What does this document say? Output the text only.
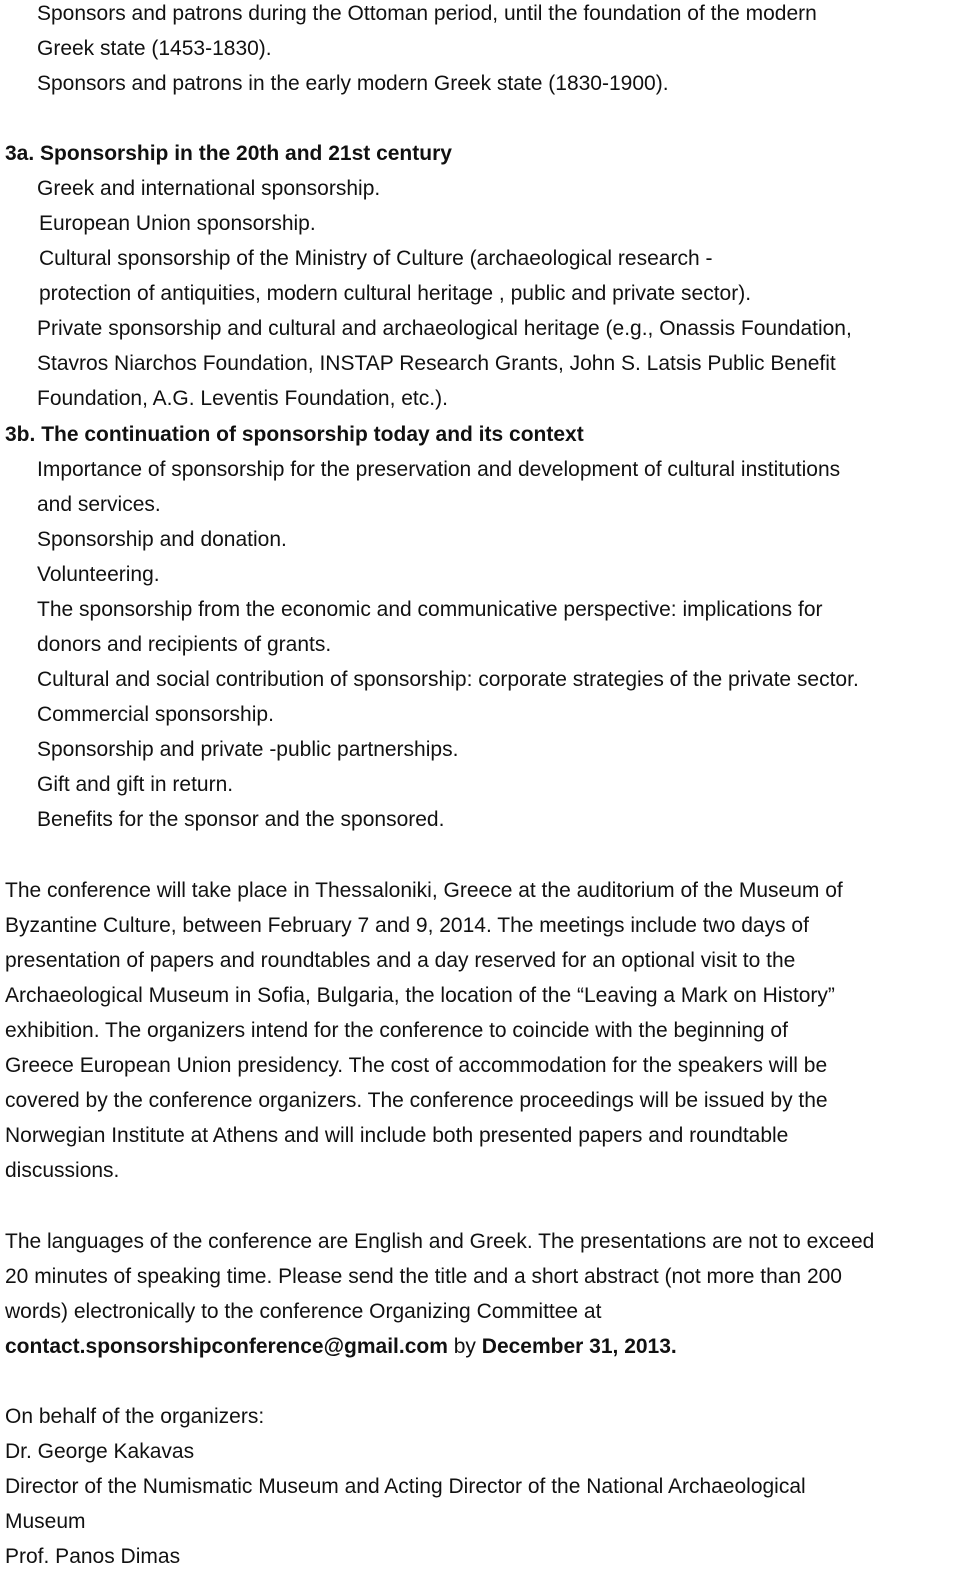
Sponsors and patrons during the Ottoman period, until the foundation of the modern
Greek state (1453-1830).
Sponsors and patrons in the early modern Greek state (1830-1900).
3a. Sponsorship in the 20th and 21st century
Greek and international sponsorship.
European Union sponsorship.
Cultural sponsorship of the Ministry of Culture (archaeological research -
protection of antiquities, modern cultural heritage , public and private sector).
Private sponsorship and cultural and archaeological heritage (e.g., Onassis Foundation,
Stavros Niarchos Foundation, INSTAP Research Grants, John S. Latsis Public Benefit
Foundation, A.G. Leventis Foundation, etc.).
3b. The continuation of sponsorship today and its context
Importance of sponsorship for the preservation and development of cultural institutions
and services.
Sponsorship and donation.
Volunteering.
The sponsorship from the economic and communicative perspective: implications for
donors and recipients of grants.
Cultural and social contribution of sponsorship: corporate strategies of the private sector.
Commercial sponsorship.
Sponsorship and private -public partnerships.
Gift and gift in return.
Benefits for the sponsor and the sponsored.
The conference will take place in Thessaloniki, Greece at the auditorium of the Museum of
Byzantine Culture, between February 7 and 9, 2014. The meetings include two days of
presentation of papers and roundtables and a day reserved for an optional visit to the
Archaeological Museum in Sofia, Bulgaria, the location of the “Leaving a Mark on History”
exhibition. The organizers intend for the conference to coincide with the beginning of
Greece European Union presidency. The cost of accommodation for the speakers will be
covered by the conference organizers. The conference proceedings will be issued by the
Norwegian Institute at Athens and will include both presented papers and roundtable
discussions.
The languages of the conference are English and Greek. The presentations are not to exceed
20 minutes of speaking time. Please send the title and a short abstract (not more than 200
words) electronically to the conference Organizing Committee at
contact.sponsorshipconference@gmail.com by December 31, 2013.
On behalf of the organizers:
Dr. George Kakavas
Director of the Numismatic Museum and Acting Director of the National Archaeological
Museum
Prof. Panos Dimas
